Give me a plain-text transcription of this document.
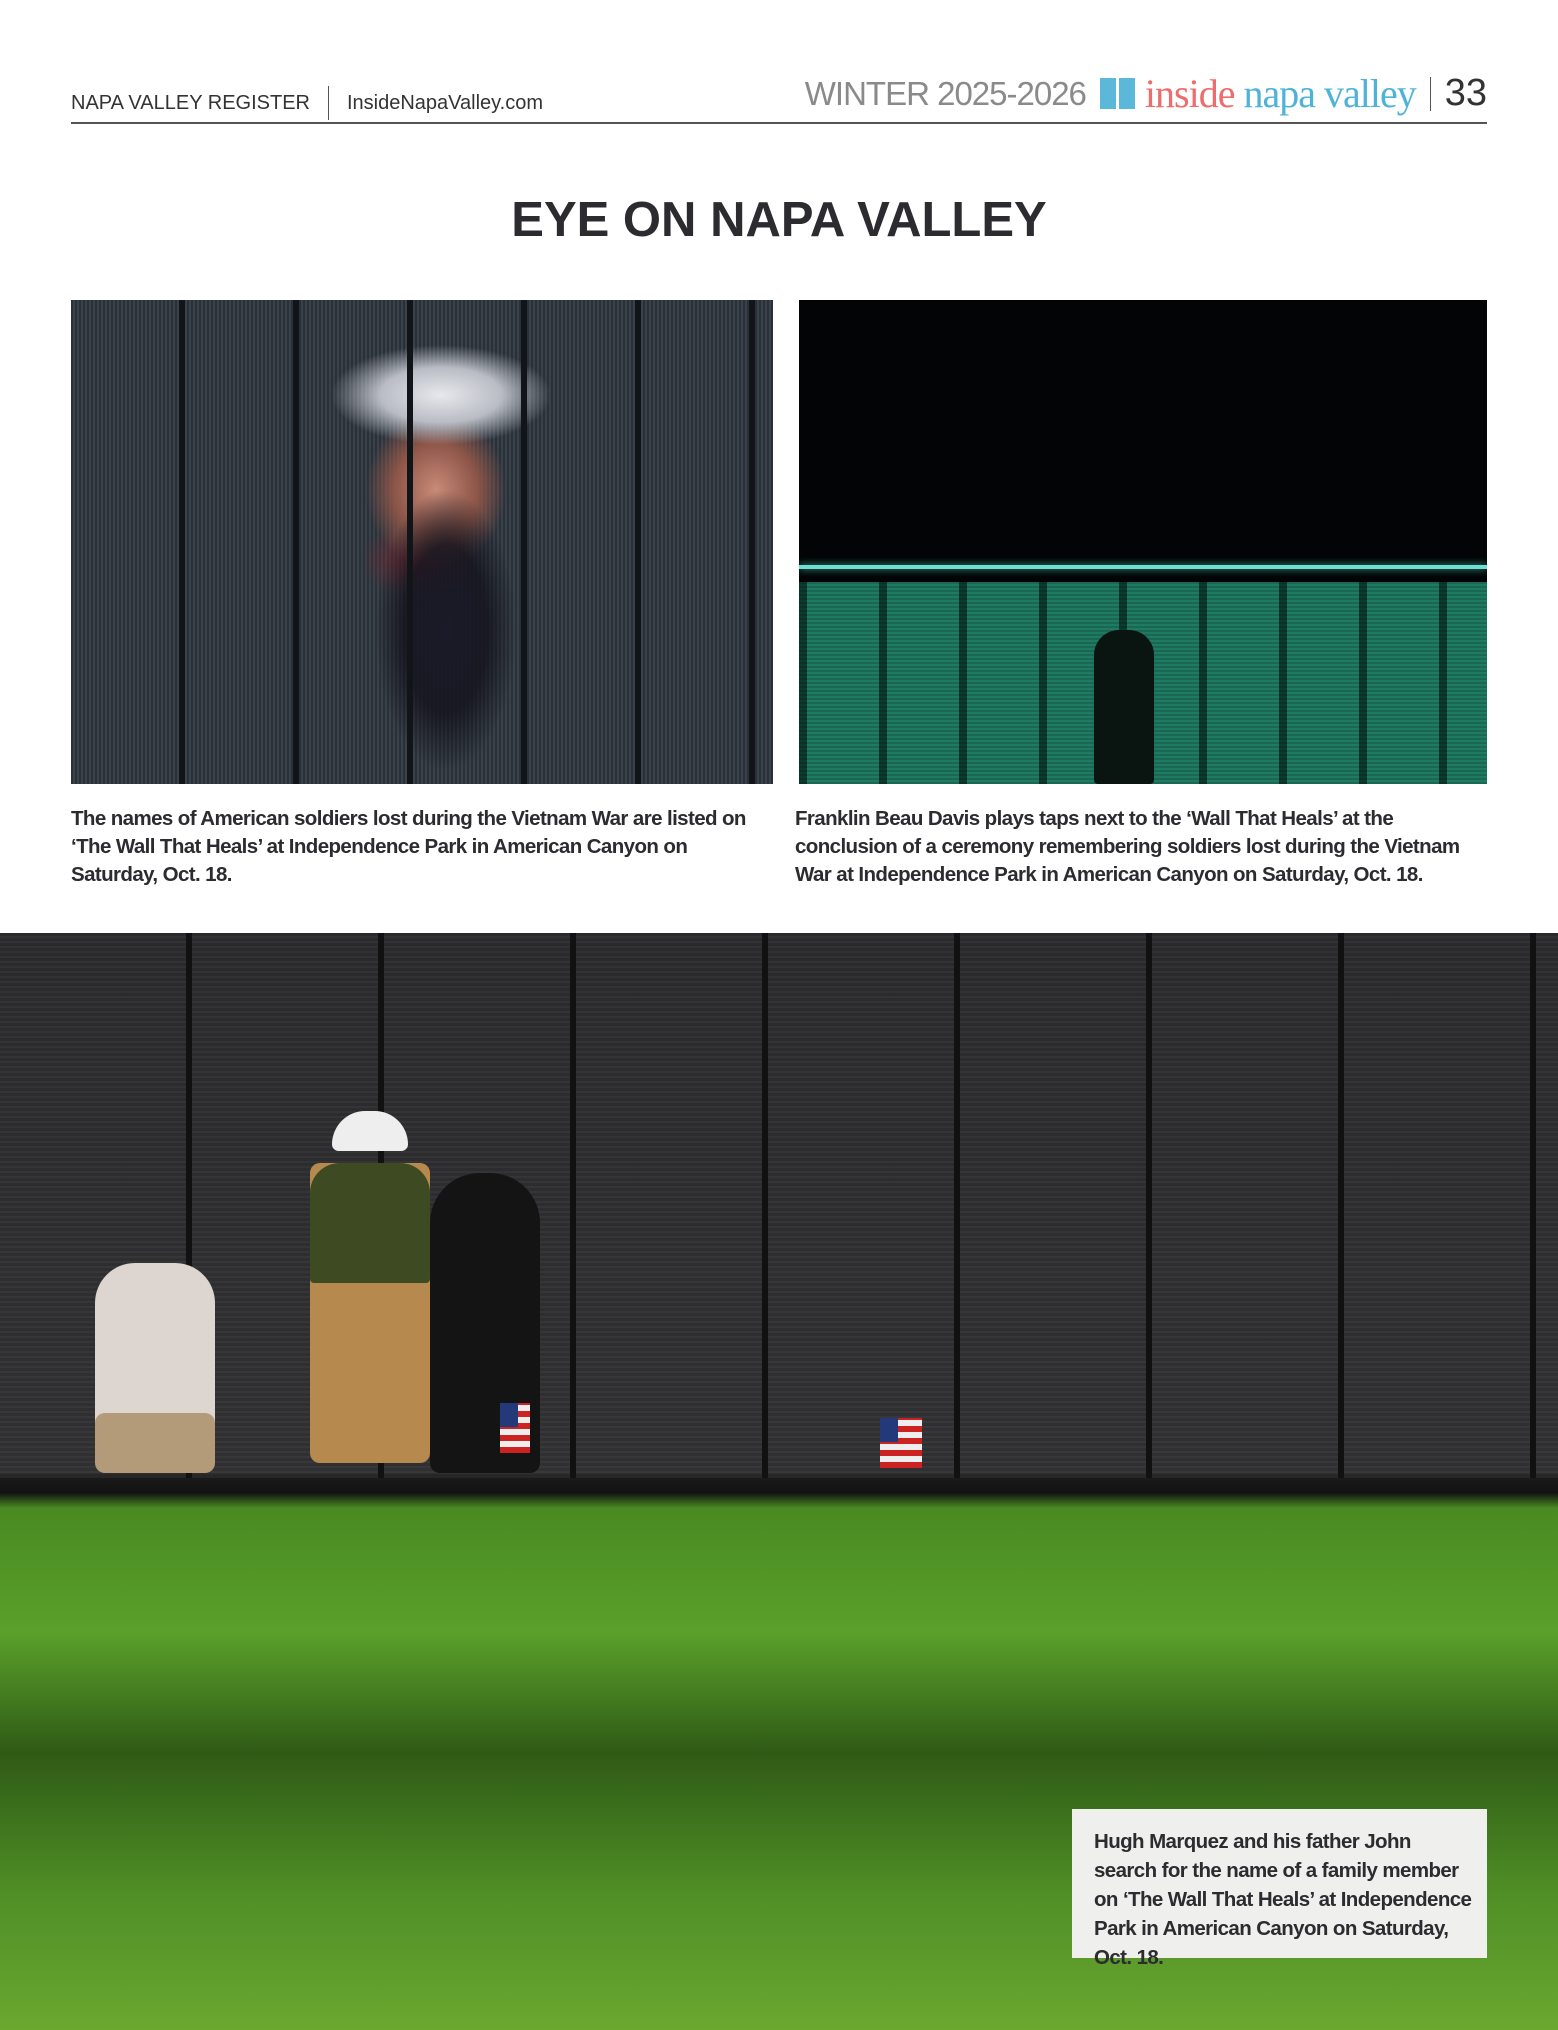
NAPA VALLEY REGISTER InsideNapaValley.com	WINTER 2025-2026 inside napa valley 33
EYE ON NAPA VALLEY

The names of American soldiers lost during the Vietnam War are listed on ‘The Wall That Heals’ at Independence Park in American Canyon on Saturday, Oct. 18.

Franklin Beau Davis plays taps next to the ‘Wall That Heals’ at the conclusion of a ceremony remembering soldiers lost during the Vietnam War at Independence Park in American Canyon on Saturday, Oct. 18.

Hugh Marquez and his father John search for the name of a family member on ‘The Wall That Heals’ at Independence Park in American Canyon on Saturday, Oct. 18.
